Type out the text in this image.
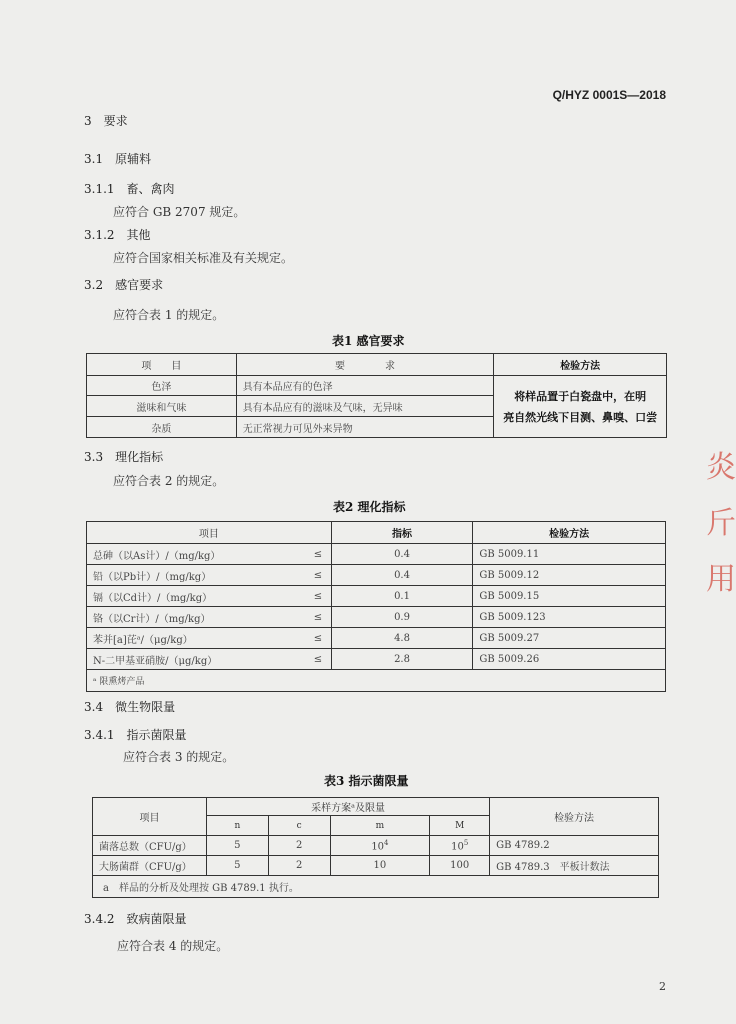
Q/HYZ 0001S—2018
3 要求
3.1 原辅料
3.1.1 畜、禽肉
应符合 GB 2707 规定。
3.1.2 其他
应符合国家相关标准及有关规定。
3.2 感官要求
应符合表 1 的规定。
表1 感官要求
项　　目	要　　　　求	检验方法
色泽	具有本品应有的色泽	将样品置于白瓷盘中，在明
亮自然光线下目测、鼻嗅、口尝

滋味和气味	具有本品应有的滋味及气味，无异味	
杂质	无正常视力可见外来异物	
3.3 理化指标
应符合表 2 的规定。
表2 理化指标
项目		指标	检验方法
总砷（以As计）/（mg/kg）	≤	0.4	GB 5009.11
铅（以Pb计）/（mg/kg）	≤	0.4	GB 5009.12
镉（以Cd计）/（mg/kg）	≤	0.1	GB 5009.15
铬（以Cr计）/（mg/kg）	≤	0.9	GB 5009.123
苯并[a]芘ᵃ/（μg/kg）	≤	4.8	GB 5009.27
N-二甲基亚硝胺/（μg/kg）	≤	2.8	GB 5009.26
ᵃ 限熏烤产品			
3.4 微生物限量
3.4.1 指示菌限量
应符合表 3 的规定。
表3 指示菌限量
项目	采样方案ᵃ及限量				检验方法
	n	c	m	M	
菌落总数（CFU/g）	5	2	$10^4$	$10^5$	GB 4789.2
大肠菌群（CFU/g）	5	2	10	100	GB 4789.3　平板计数法
a　样品的分析及处理按 GB 4789.1 执行。					
3.4.2 致病菌限量
应符合表 4 的规定。
2
炎
斤
用
